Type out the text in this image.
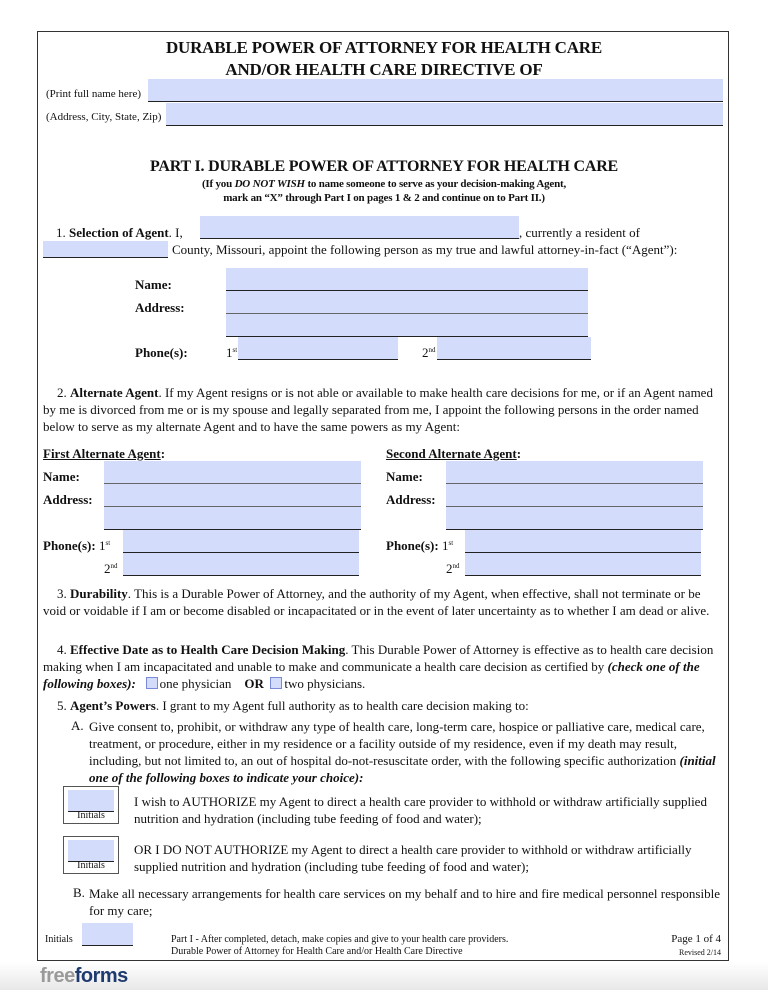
DURABLE POWER OF ATTORNEY FOR HEALTH CARE
AND/OR HEALTH CARE DIRECTIVE OF
(Print full name here)
(Address, City, State, Zip)
PART I. DURABLE POWER OF ATTORNEY FOR HEALTH CARE
(If you DO NOT WISH to name someone to serve as your decision-making Agent,
mark an “X” through Part I on pages 1 & 2 and continue on to Part II.)
1. Selection of Agent. I,	, currently a resident of
County, Missouri, appoint the following person as my true and lawful attorney-in-fact (“Agent”):
Name:
Address:
Phone(s):	1st	2nd
2. Alternate Agent. If my Agent resigns or is not able or available to make health care decisions for me, or if an Agent named by me is divorced from me or is my spouse and legally separated from me, I appoint the following persons in the order named below to serve as my alternate Agent and to have the same powers as my Agent:
First Alternate Agent:	Second Alternate Agent:
Name:
Address:
Phone(s): 1st
2nd
Name:
Address:
Phone(s): 1st
2nd
3. Durability. This is a Durable Power of Attorney, and the authority of my Agent, when effective, shall not terminate or be void or voidable if I am or become disabled or incapacitated or in the event of later uncertainty as to whether I am dead or alive.
4. Effective Date as to Health Care Decision Making. This Durable Power of Attorney is effective as to health care decision making when I am incapacitated and unable to make and communicate a health care decision as certified by (check one of the following boxes): one physician OR two physicians.
5. Agent’s Powers. I grant to my Agent full authority as to health care decision making to:
A. Give consent to, prohibit, or withdraw any type of health care, long-term care, hospice or palliative care, medical care, treatment, or procedure, either in my residence or a facility outside of my residence, even if my death may result, including, but not limited to, an out of hospital do-not-resuscitate order, with the following specific authorization (initial one of the following boxes to indicate your choice):
Initials
I wish to AUTHORIZE my Agent to direct a health care provider to withhold or withdraw artificially supplied nutrition and hydration (including tube feeding of food and water);
Initials
OR I DO NOT AUTHORIZE my Agent to direct a health care provider to withhold or withdraw artificially supplied nutrition and hydration (including tube feeding of food and water);
B. Make all necessary arrangements for health care services on my behalf and to hire and fire medical personnel responsible for my care;
Initials	Part I - After completed, detach, make copies and give to your health care providers.
Durable Power of Attorney for Health Care and/or Health Care Directive
Page 1 of 4
Revised 2/14
freeforms
